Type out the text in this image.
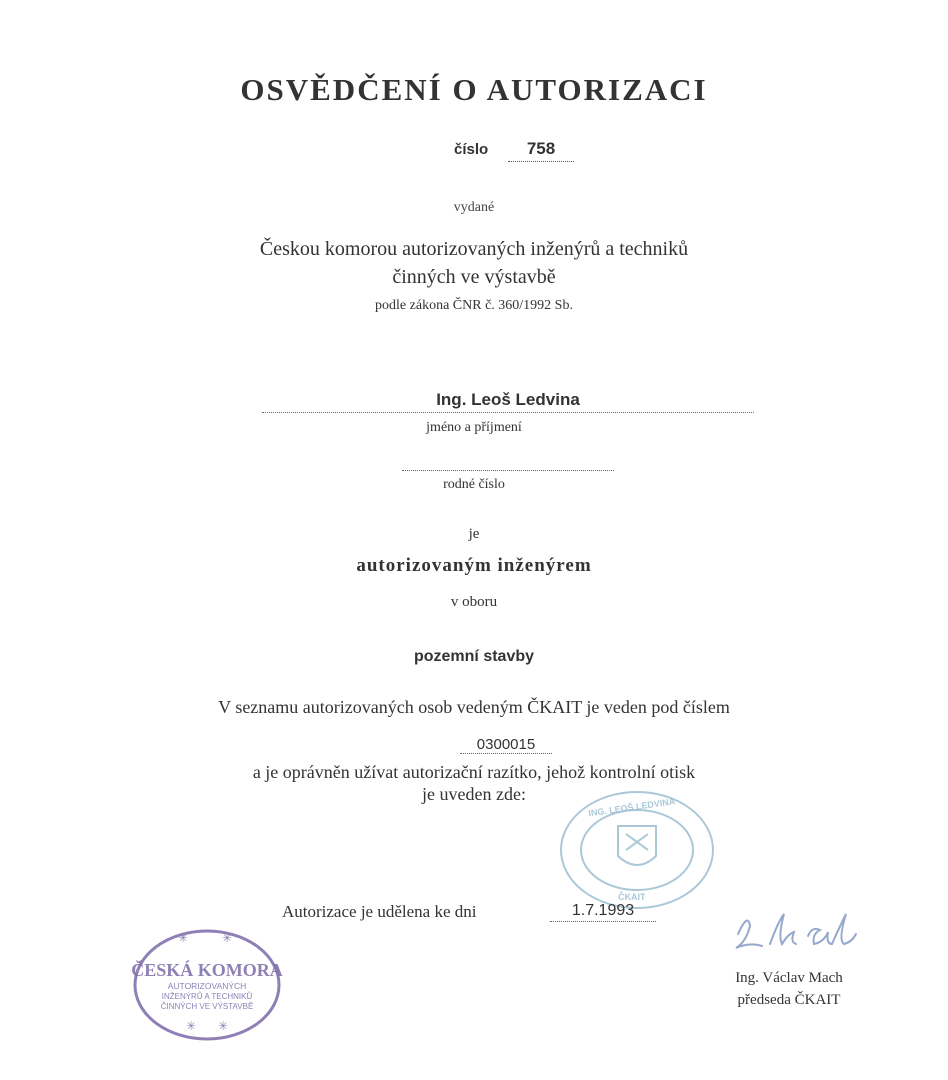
OSVĚDČENÍ O AUTORIZACI
číslo	758
vydané
Českou komorou autorizovaných inženýrů a techniků
činných ve výstavbě
podle zákona ČNR č. 360/1992 Sb.
Ing. Leoš Ledvina
jméno a příjmení
rodné číslo
je
autorizovaným inženýrem
v oboru
pozemní stavby
V seznamu autorizovaných osob vedeným ČKAIT je veden pod číslem
0300015
a je oprávněn užívat autorizační razítko, jehož kontrolní otisk
je uveden zde:
ING. LEOŠ LEDVINA
ČKAIT
Autorizace je udělena ke dni	1.7.1993
✳	✳
ČESKÁ KOMORA
AUTORIZOVANÝCH
INŽENÝRŮ A TECHNIKŮ
ČINNÝCH VE VÝSTAVBĚ
✳ ✳
Ing. Václav Mach
předseda ČKAIT
